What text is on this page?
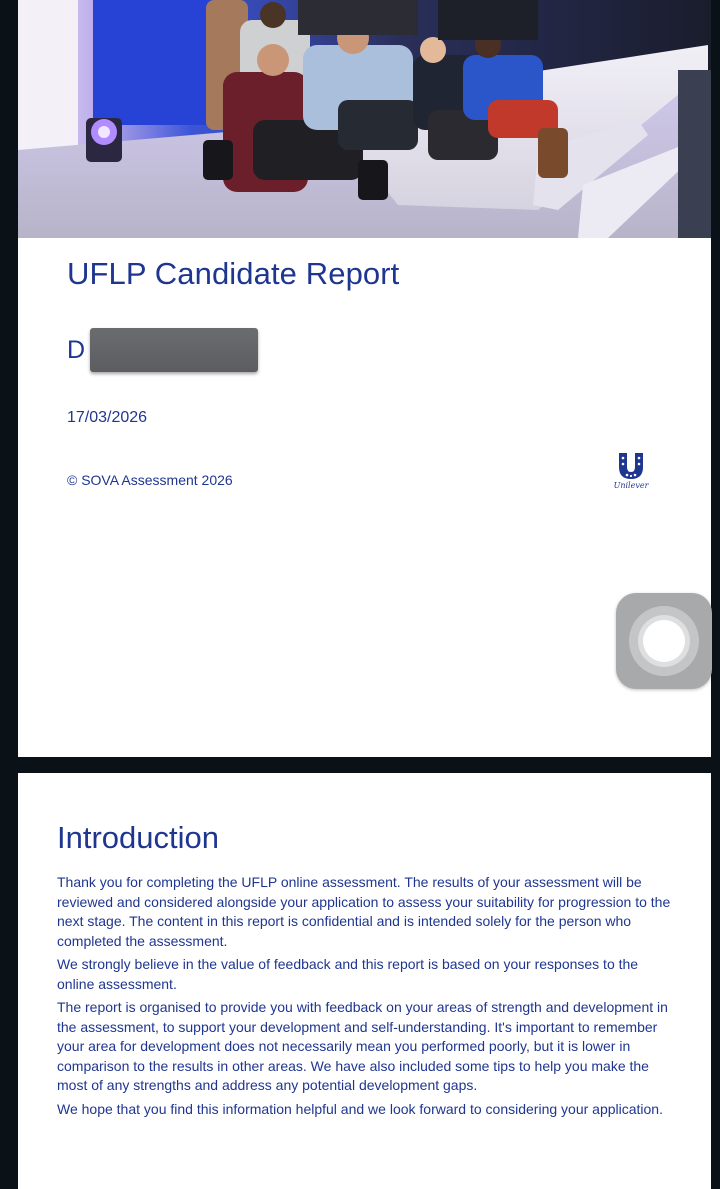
UFLP Candidate Report
D
17/03/2026
© SOVA Assessment 2026	Unilever
Introduction

Thank you for completing the UFLP online assessment. The results of your assessment will be reviewed and considered alongside your application to assess your suitability for progression to the next stage. The content in this report is confidential and is intended solely for the person who completed the assessment.

We strongly believe in the value of feedback and this report is based on your responses to the online assessment.

The report is organised to provide you with feedback on your areas of strength and development in the assessment, to support your development and self-understanding. It's important to remember your area for development does not necessarily mean you performed poorly, but it is lower in comparison to the results in other areas. We have also included some tips to help you make the most of any strengths and address any potential development gaps.

We hope that you find this information helpful and we look forward to considering your application.
